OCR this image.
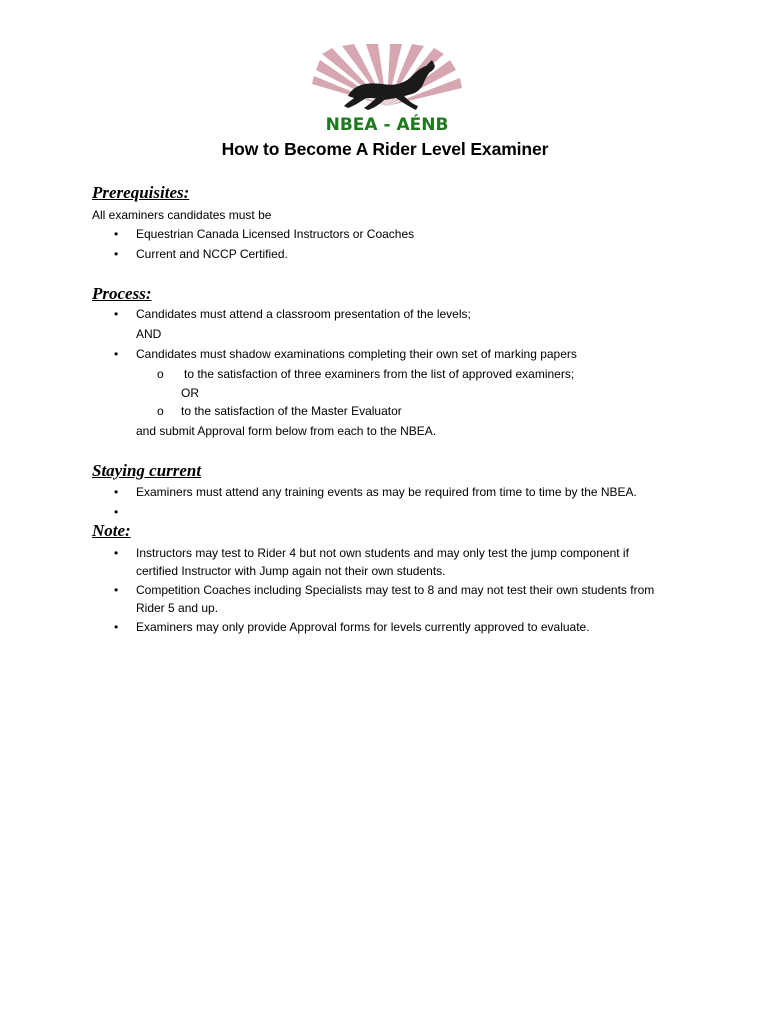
NBEA - AÉNB
How to Become A Rider Level Examiner
Prerequisites:
All examiners candidates must be
• Equestrian Canada Licensed Instructors or Coaches
• Current and NCCP Certified.
Process:
• Candidates must attend a classroom presentation of the levels;
AND
• Candidates must shadow examinations completing their own set of marking papers
o to the satisfaction of three examiners from the list of approved examiners;
OR
o to the satisfaction of the Master Evaluator
and submit Approval form below from each to the NBEA.
Staying current
• Examiners must attend any training events as may be required from time to time by the NBEA.
•
Note:
• Instructors may test to Rider 4 but not own students and may only test the jump component if
certified Instructor with Jump again not their own students.
• Competition Coaches including Specialists may test to 8 and may not test their own students from
Rider 5 and up.
• Examiners may only provide Approval forms for levels currently approved to evaluate.
